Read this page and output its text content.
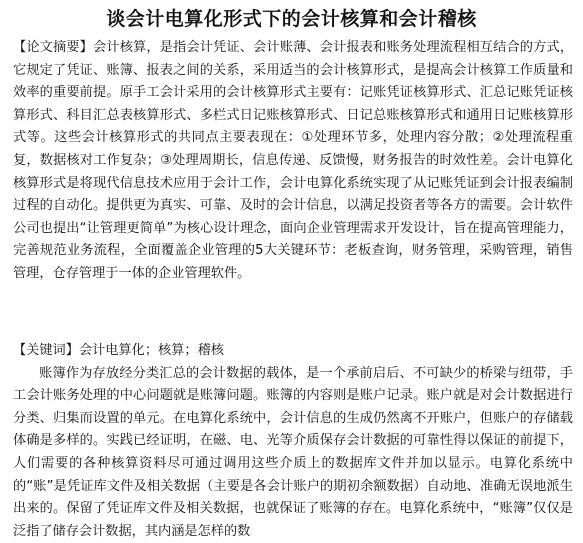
谈会计电算化形式下的会计核算和会计稽核
【论文摘要】会计核算，是指会计凭证、会计账薄、会计报表和账务处理流程相互结合的方式，它规定了凭证、账簿、报表之间的关系，采用适当的会计核算形式，是提高会计核算工作质量和效率的重要前提。原手工会计采用的会计核算形式主要有：记账凭证核算形式、汇总记账凭证核算形式、科目汇总表核算形式、多栏式日记账核算形式、日记总账核算形式和通用日记账核算形式等。这些会计核算形式的共同点主要表现在：①处理环节多，处理内容分散；②处理流程重复，数据核对工作复杂；③处理周期长，信息传递、反馈慢，财务报告的时效性差。会计电算化核算形式是将现代信息技术应用于会计工作，会计电算化系统实现了从记账凭证到会计报表编制过程的自动化。提供更为真实、可靠、及时的会计信息，以满足投资者等各方的需要。会计软件公司也提出“让管理更简单”为核心设计理念，面向企业管理需求开发设计，旨在提高管理能力，完善规范业务流程，全面覆盖企业管理的5大关键环节：老板查询，财务管理，采购管理，销售管理，仓存管理于一体的企业管理软件。
【关键词】会计电算化；核算；稽核
账簿作为存放经分类汇总的会计数据的载体，是一个承前启后、不可缺少的桥梁与纽带，手工会计账务处理的中心问题就是账簿问题。账簿的内容则是账户记录。账户就是对会计数据进行分类、归集而设置的单元。在电算化系统中，会计信息的生成仍然离不开账户，但账户的存储载体确是多样的。实践已经证明，在磁、电、光等介质保存会计数据的可靠性得以保证的前提下，人们需要的各种核算资料尽可通过调用这些介质上的数据库文件并加以显示。电算化系统中的“账”是凭证库文件及相关数据（主要是各会计账户的期初余额数据）自动地、准确无误地派生出来的。保留了凭证库文件及相关数据，也就保证了账簿的存在。电算化系统中，“账簿”仅仅是泛指了储存会计数据，其内涵是怎样的数
